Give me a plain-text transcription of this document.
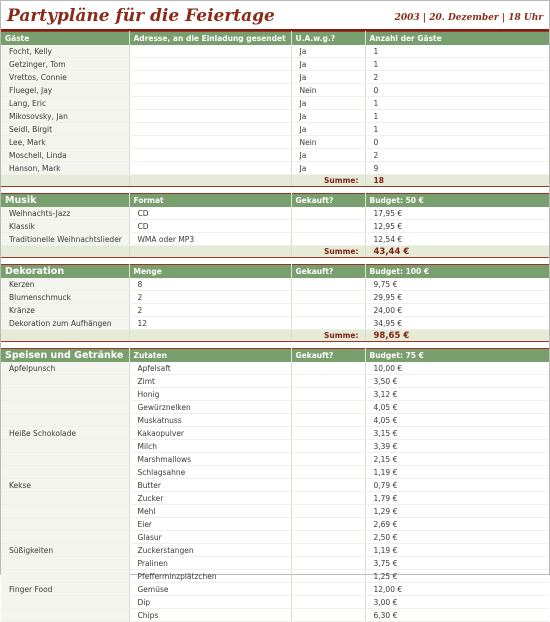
Partypläne für die Feiertage	2003 | 20. Dezember | 18 Uhr
Gäste	Adresse, an die Einladung gesendet	U.A.w.g.?	Anzahl der Gäste
Focht, Kelly		Ja	1
Getzinger, Tom		Ja	1
Vrettos, Connie		Ja	2
Fluegel, Jay		Nein	0
Lang, Eric		Ja	1
Mikosovsky, Jan		Ja	1
Seidl, Birgit		Ja	1
Lee, Mark		Nein	0
Moschell, Linda		Ja	2
Hanson, Mark		Ja	9
		Summe:	18

Musik	Format	Gekauft?	Budget: 50 €
Weihnachts-Jazz	CD		17,95 €
Klassik	CD		12,95 €
Traditionelle Weihnachtslieder	WMA oder MP3		12,54 €
		Summe:	43,44 €

Dekoration	Menge	Gekauft?	Budget: 100 €
Kerzen	8		9,75 €
Blumenschmuck	2		29,95 €
Kränze	2		24,00 €
Dekoration zum Aufhängen	12		34,95 €
		Summe:	98,65 €

Speisen und Getränke	Zutaten	Gekauft?	Budget: 75 €
Apfelpunsch	Apfelsaft		10,00 €
	Zimt		3,50 €
	Honig		3,12 €
	Gewürznelken		4,05 €
	Muskatnuss		4,05 €
Heiße Schokolade	Kakaopulver		3,15 €
	Milch		3,39 €
	Marshmallows		2,15 €
	Schlagsahne		1,19 €
Kekse	Butter		0,79 €
	Zucker		1,79 €
	Mehl		1,29 €
	Eier		2,69 €
	Glasur		2,50 €
Süßigkeiten	Zuckerstangen		1,19 €
	Pralinen		3,75 €
	Pfefferminzplätzchen		1,25 €
Finger Food	Gemüse		12,00 €
	Dip		3,00 €
	Chips		6,30 €
